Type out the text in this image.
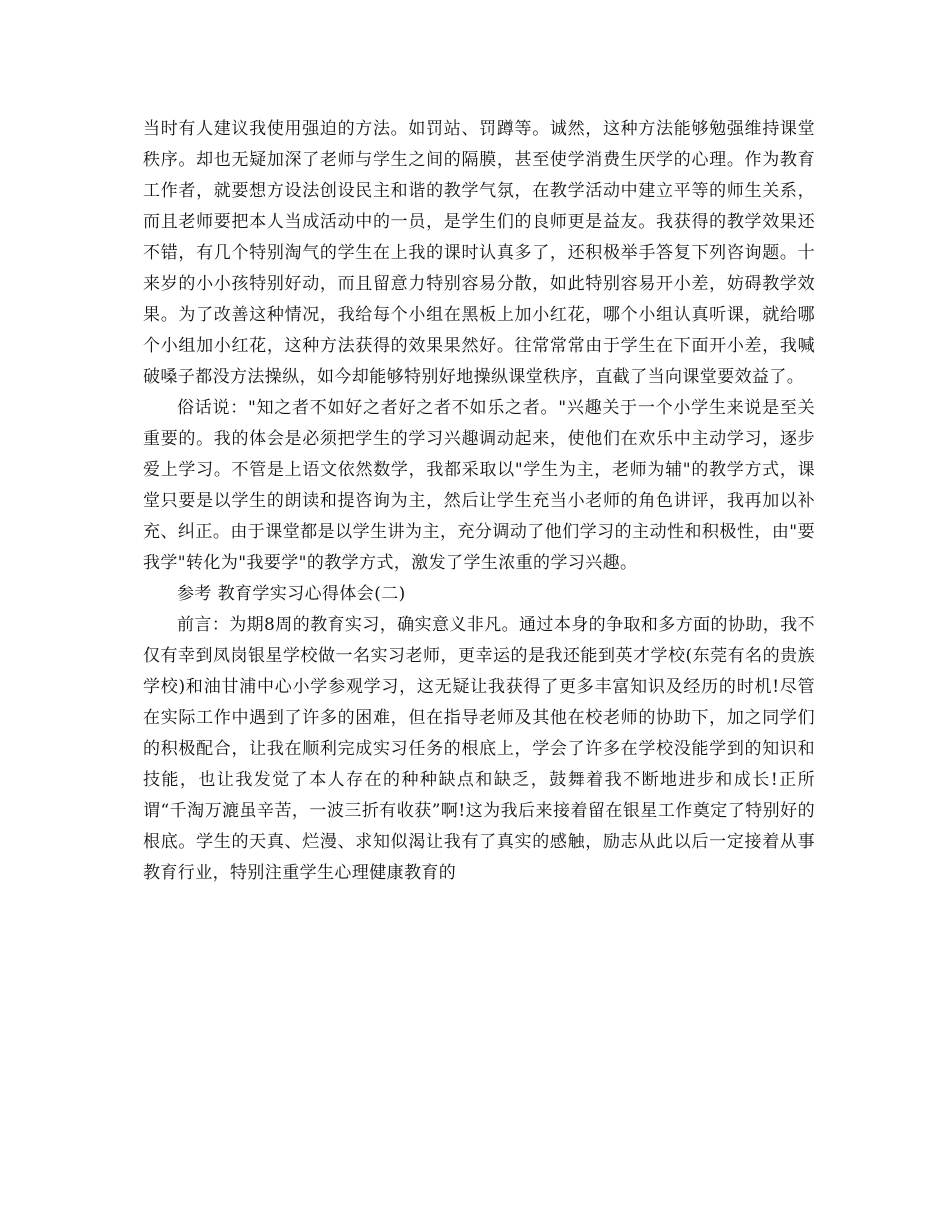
当时有人建议我使用强迫的方法。如罚站、罚蹲等。诚然，这种方法能够勉强维持课堂秩序。却也无疑加深了老师与学生之间的隔膜，甚至使学消费生厌学的心理。作为教育工作者，就要想方设法创设民主和谐的教学气氛，在教学活动中建立平等的师生关系，而且老师要把本人当成活动中的一员，是学生们的良师更是益友。我获得的教学效果还不错，有几个特别淘气的学生在上我的课时认真多了，还积极举手答复下列咨询题。十来岁的小小孩特别好动，而且留意力特别容易分散，如此特别容易开小差，妨碍教学效果。为了改善这种情况，我给每个小组在黑板上加小红花，哪个小组认真听课，就给哪个小组加小红花，这种方法获得的效果果然好。往常常常由于学生在下面开小差，我喊破嗓子都没方法操纵，如今却能够特别好地操纵课堂秩序，直截了当向课堂要效益了。

俗话说："知之者不如好之者好之者不如乐之者。"兴趣关于一个小学生来说是至关重要的。我的体会是必须把学生的学习兴趣调动起来，使他们在欢乐中主动学习，逐步爱上学习。不管是上语文依然数学，我都采取以"学生为主，老师为辅"的教学方式，课堂只要是以学生的朗读和提咨询为主，然后让学生充当小老师的角色讲评，我再加以补充、纠正。由于课堂都是以学生讲为主，充分调动了他们学习的主动性和积极性，由"要我学"转化为"我要学"的教学方式，激发了学生浓重的学习兴趣。

参考 教育学实习心得体会(二)

前言：为期8周的教育实习，确实意义非凡。通过本身的争取和多方面的协助，我不仅有幸到凤岗银星学校做一名实习老师，更幸运的是我还能到英才学校(东莞有名的贵族学校)和油甘浦中心小学参观学习，这无疑让我获得了更多丰富知识及经历的时机!尽管在实际工作中遇到了许多的困难，但在指导老师及其他在校老师的协助下，加之同学们的积极配合，让我在顺利完成实习任务的根底上，学会了许多在学校没能学到的知识和技能，也让我发觉了本人存在的种种缺点和缺乏，鼓舞着我不断地进步和成长!正所谓“千淘万漉虽辛苦，一波三折有收获”啊!这为我后来接着留在银星工作奠定了特别好的根底。学生的天真、烂漫、求知似渴让我有了真实的感触，励志从此以后一定接着从事教育行业，特别注重学生心理健康教育的
